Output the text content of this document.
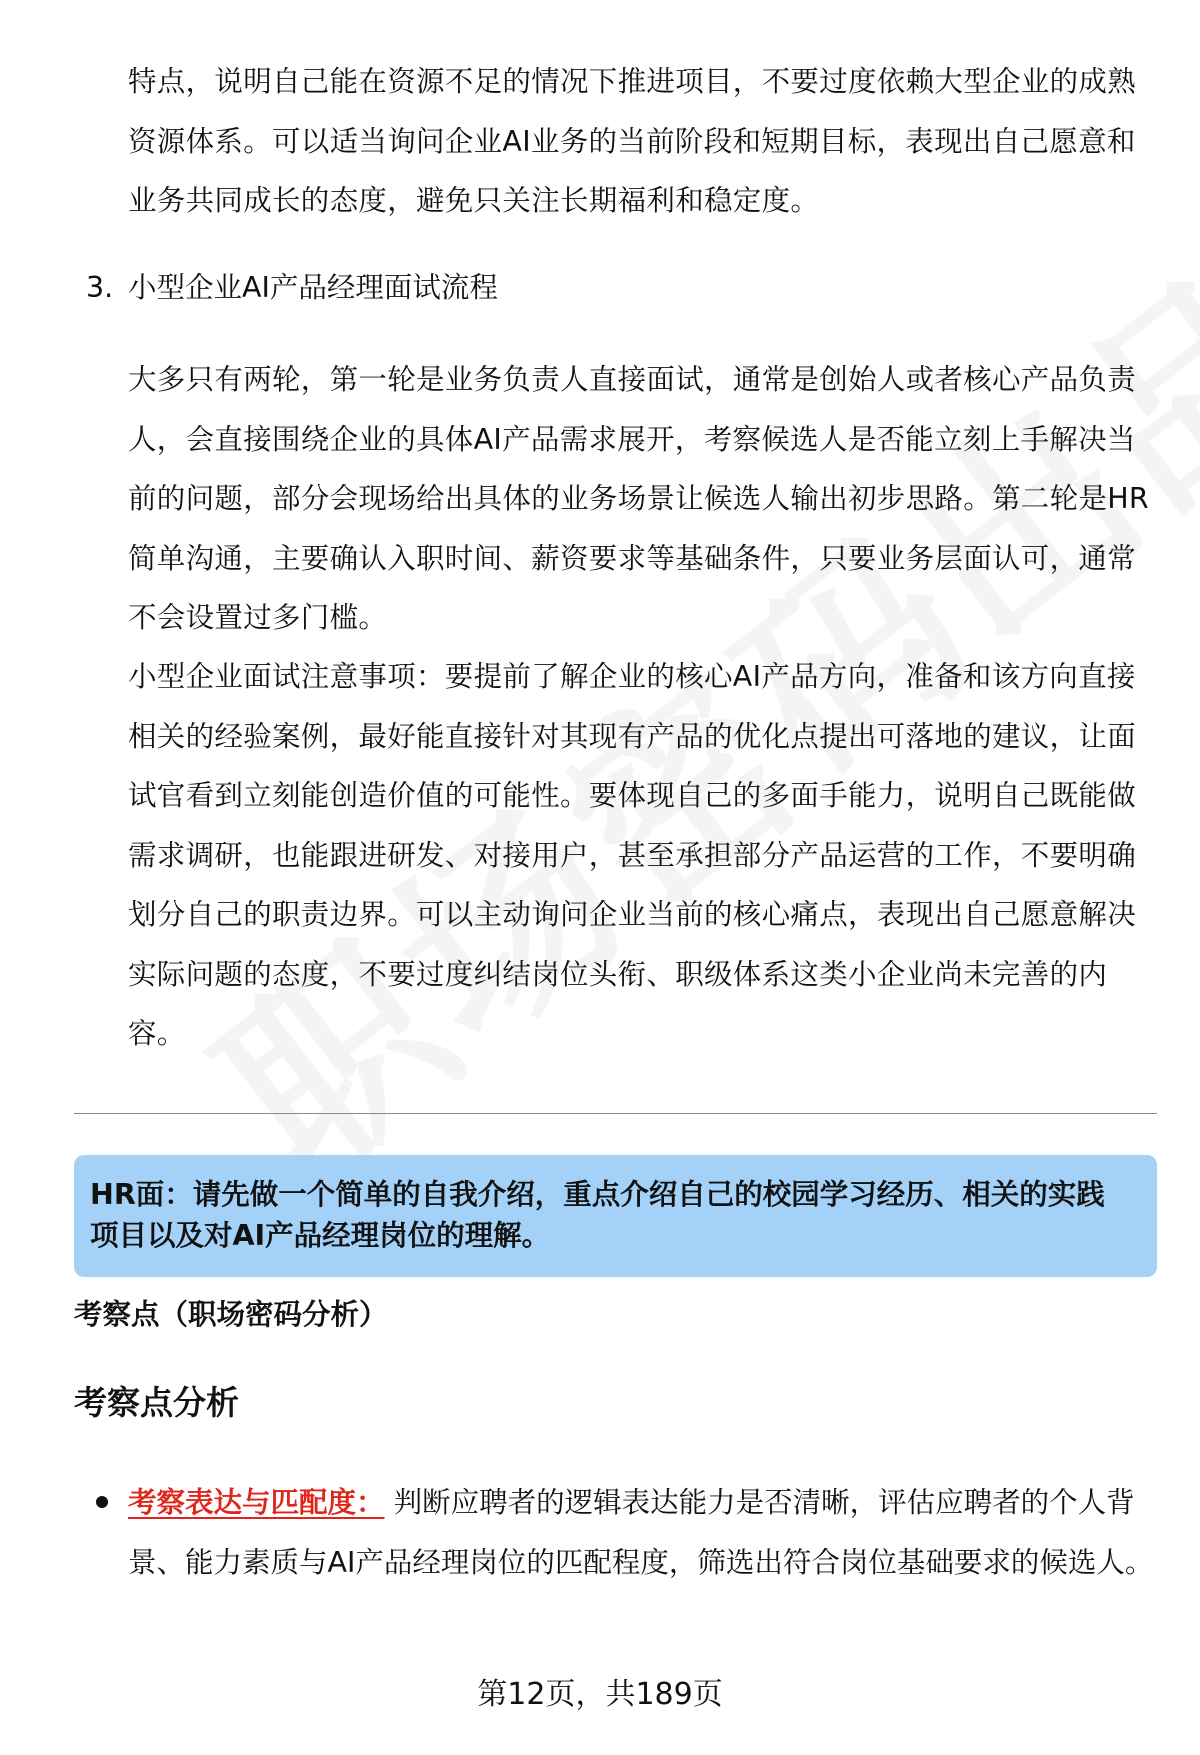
特点，说明自己能在资源不足的情况下推进项目，不要过度依赖大型企业的成熟资源体系。可以适当询问企业AI业务的当前阶段和短期目标，表现出自己愿意和业务共同成长的态度，避免只关注长期福利和稳定度。
3. 小型企业AI产品经理面试流程
大多只有两轮，第一轮是业务负责人直接面试，通常是创始人或者核心产品负责人，会直接围绕企业的具体AI产品需求展开，考察候选人是否能立刻上手解决当前的问题，部分会现场给出具体的业务场景让候选人输出初步思路。第二轮是HR简单沟通，主要确认入职时间、薪资要求等基础条件，只要业务层面认可，通常不会设置过多门槛。
小型企业面试注意事项：要提前了解企业的核心AI产品方向，准备和该方向直接相关的经验案例，最好能直接针对其现有产品的优化点提出可落地的建议，让面试官看到立刻能创造价值的可能性。要体现自己的多面手能力，说明自己既能做需求调研，也能跟进研发、对接用户，甚至承担部分产品运营的工作，不要明确划分自己的职责边界。可以主动询问企业当前的核心痛点，表现出自己愿意解决实际问题的态度，不要过度纠结岗位头衔、职级体系这类小企业尚未完善的内容。
HR面：请先做一个简单的自我介绍，重点介绍自己的校园学习经历、相关的实践项目以及对AI产品经理岗位的理解。
考察点（职场密码分析）
考察点分析
考察表达与匹配度： 判断应聘者的逻辑表达能力是否清晰，评估应聘者的个人背景、能力素质与AI产品经理岗位的匹配程度，筛选出符合岗位基础要求的候选人。
第12页，共189页
